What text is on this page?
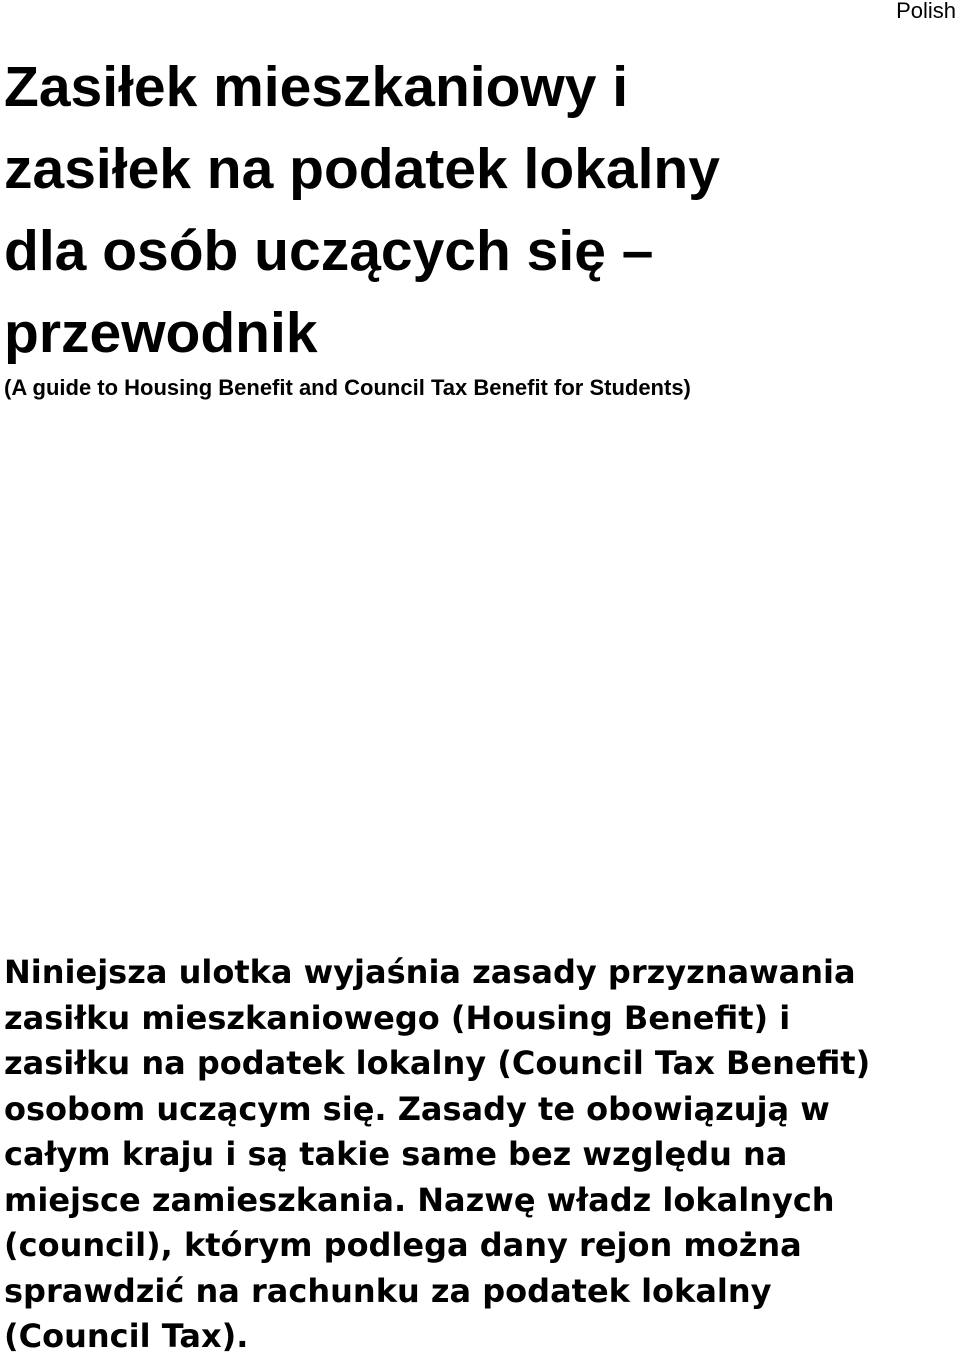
Polish

Zasiłek mieszkaniowy i
zasiłek na podatek lokalny
dla osób uczących się –
przewodnik

(A guide to Housing Benefit and Council Tax Benefit for Students)

Niniejsza ulotka wyjaśnia zasady przyznawania
zasiłku mieszkaniowego (Housing Benefit) i
zasiłku na podatek lokalny (Council Tax Benefit)
osobom uczącym się. Zasady te obowiązują w
całym kraju i są takie same bez względu na
miejsce zamieszkania. Nazwę władz lokalnych
(council), którym podlega dany rejon można
sprawdzić na rachunku za podatek lokalny
(Council Tax).
